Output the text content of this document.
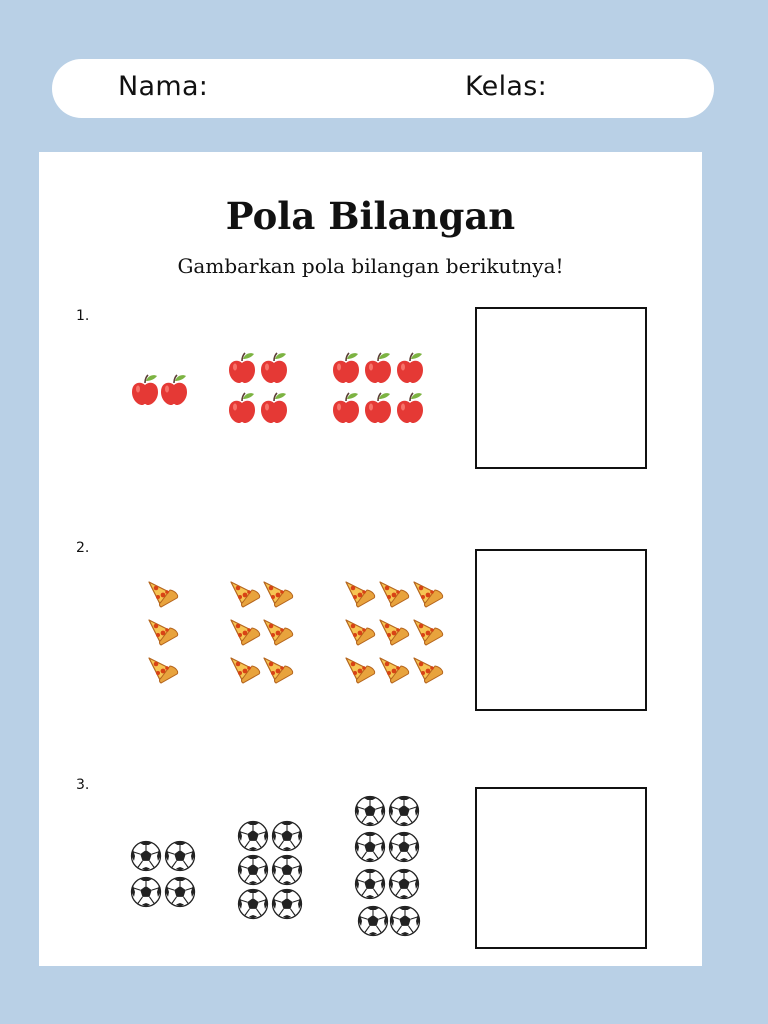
Nama:	Kelas:
Pola Bilangan
Gambarkan pola bilangan berikutnya!
1.
2.
3.
